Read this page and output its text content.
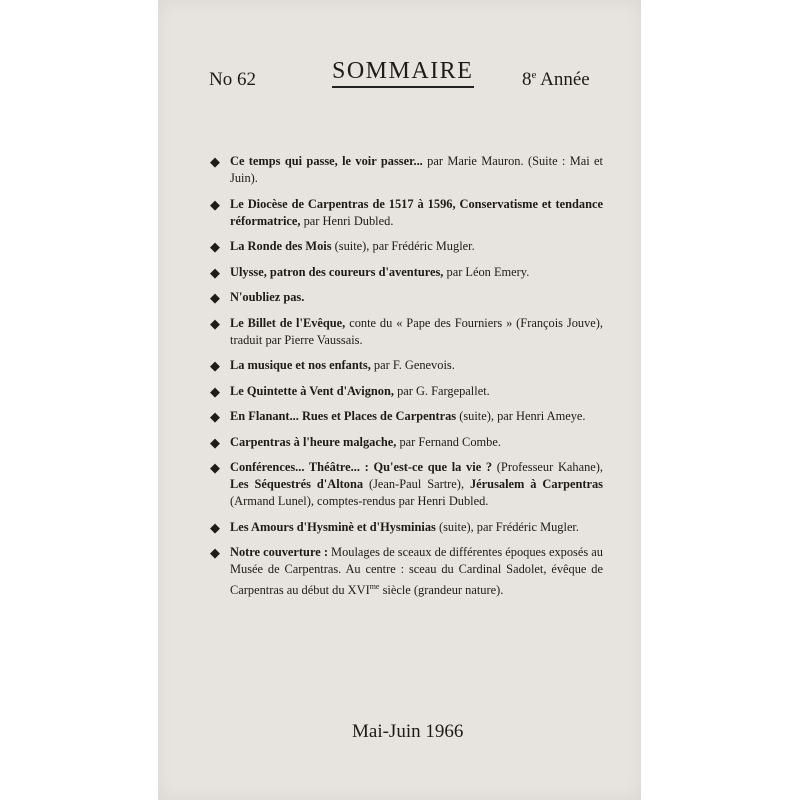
No 62	SOMMAIRE	8e Année
◆ Ce temps qui passe, le voir passer... par Marie Mauron. (Suite : Mai et Juin).
◆ Le Diocèse de Carpentras de 1517 à 1596, Conservatisme et tendance réformatrice, par Henri Dubled.
◆ La Ronde des Mois (suite), par Frédéric Mugler.
◆ Ulysse, patron des coureurs d'aventures, par Léon Emery.
◆ N'oubliez pas.
◆ Le Billet de l'Evêque, conte du « Pape des Fourniers » (François Jouve), traduit par Pierre Vaussais.
◆ La musique et nos enfants, par F. Genevois.
◆ Le Quintette à Vent d'Avignon, par G. Fargepallet.
◆ En Flanant... Rues et Places de Carpentras (suite), par Henri Ameye.
◆ Carpentras à l'heure malgache, par Fernand Combe.
◆ Conférences... Théâtre... : Qu'est-ce que la vie ? (Professeur Kahane), Les Séquestrés d'Altona (Jean-Paul Sartre), Jérusalem à Carpentras (Armand Lunel), comptes-rendus par Henri Dubled.
◆ Les Amours d'Hysminè et d'Hysminias (suite), par Frédéric Mugler.
◆ Notre couverture : Moulages de sceaux de différentes époques exposés au Musée de Carpentras. Au centre : sceau du Cardinal Sadolet, évêque de Carpentras au début du XVI$^{me}$ siècle (grandeur nature).
Mai-Juin 1966
